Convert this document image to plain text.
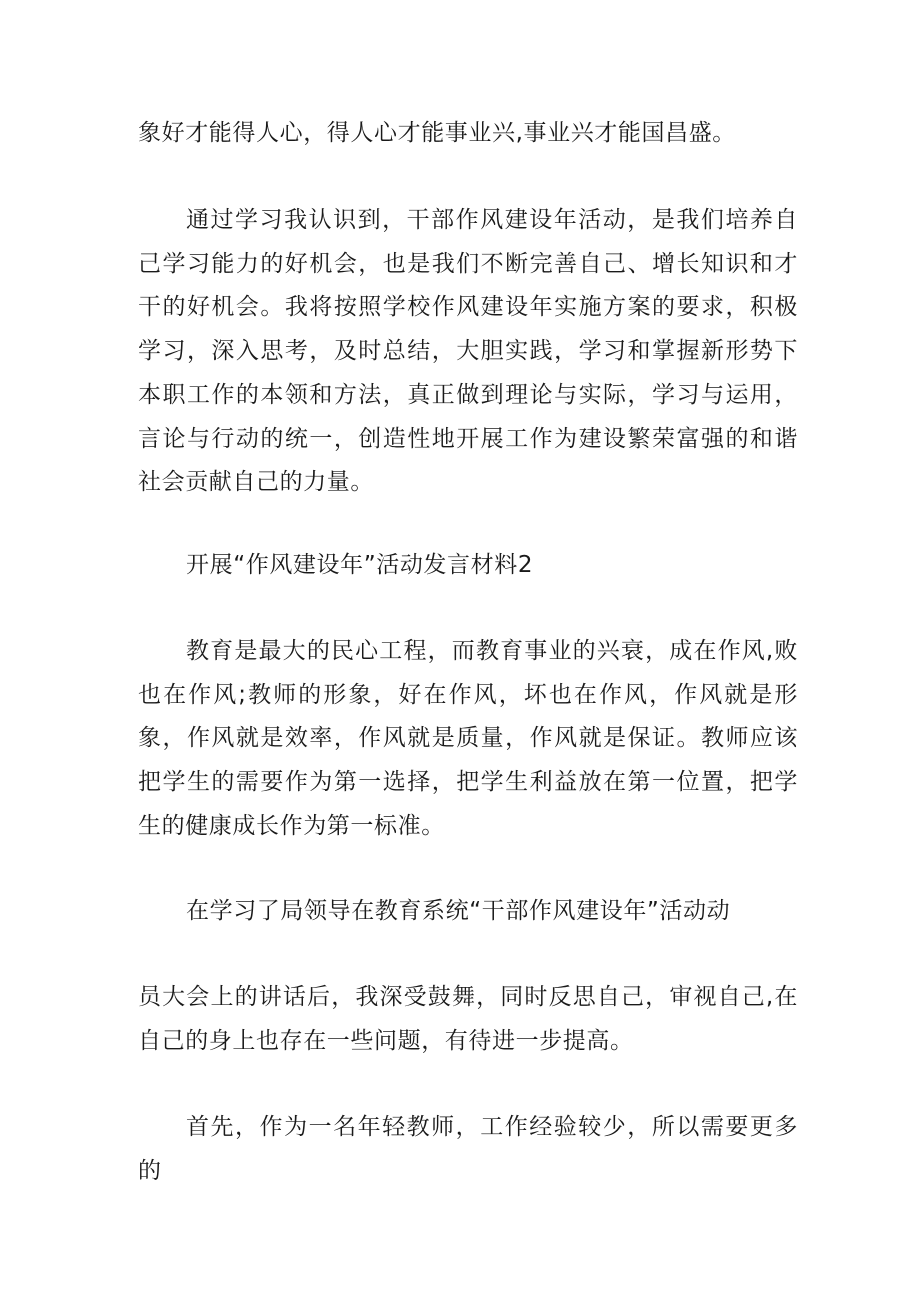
象好才能得人心，得人心才能事业兴,事业兴才能国昌盛。

通过学习我认识到，干部作风建设年活动，是我们培养自己学习能力的好机会，也是我们不断完善自己、增长知识和才干的好机会。我将按照学校作风建设年实施方案的要求，积极学习，深入思考，及时总结，大胆实践，学习和掌握新形势下本职工作的本领和方法，真正做到理论与实际，学习与运用，言论与行动的统一，创造性地开展工作为建设繁荣富强的和谐社会贡献自己的力量。

开展“作风建设年”活动发言材料2

教育是最大的民心工程，而教育事业的兴衰，成在作风,败也在作风;教师的形象，好在作风，坏也在作风，作风就是形象，作风就是效率，作风就是质量，作风就是保证。教师应该把学生的需要作为第一选择，把学生利益放在第一位置，把学生的健康成长作为第一标准。

在学习了局领导在教育系统“干部作风建设年”活动动

员大会上的讲话后，我深受鼓舞，同时反思自己，审视自己,在自己的身上也存在一些问题，有待进一步提高。

首先，作为一名年轻教师，工作经验较少，所以需要更多的
